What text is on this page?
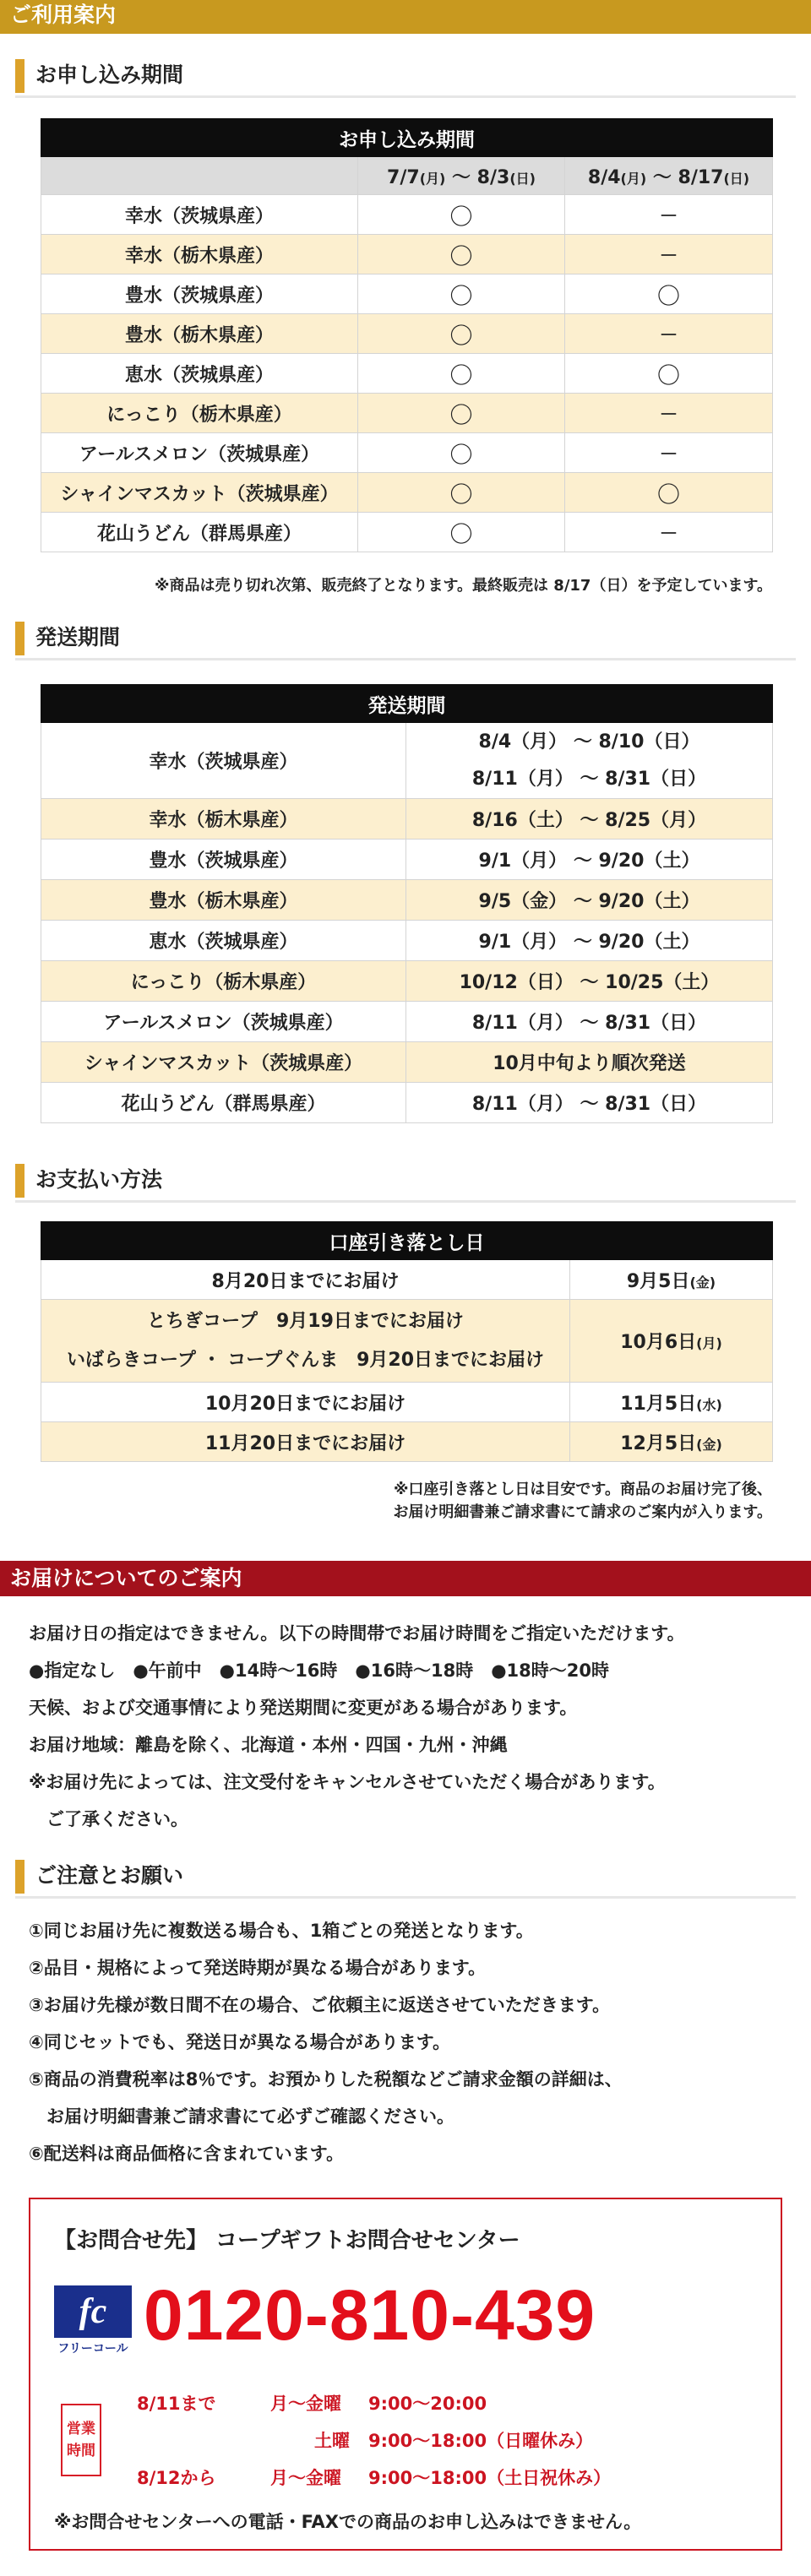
ご利用案内
お申し込み期間
お申し込み期間		
	7/7(月) ～ 8/3(日)	8/4(月) ～ 8/17(日)
幸水（茨城県産）	〇	－
幸水（栃木県産）	〇	－
豊水（茨城県産）	〇	〇
豊水（栃木県産）	〇	－
恵水（茨城県産）	〇	〇
にっこり（栃木県産）	〇	－
アールスメロン（茨城県産）	〇	－
シャインマスカット（茨城県産）	〇	〇
花山うどん（群馬県産）	〇	－
※商品は売り切れ次第、販売終了となります。最終販売は 8/17（日）を予定しています。
発送期間
発送期間	
幸水（茨城県産）	8/4（月） ～ 8/10（日）
8/11（月） ～ 8/31（日）

幸水（栃木県産）	8/16（土） ～ 8/25（月）
豊水（茨城県産）	9/1（月） ～ 9/20（土）
豊水（栃木県産）	9/5（金） ～ 9/20（土）
恵水（茨城県産）	9/1（月） ～ 9/20（土）
にっこり（栃木県産）	10/12（日） ～ 10/25（土）
アールスメロン（茨城県産）	8/11（月） ～ 8/31（日）
シャインマスカット（茨城県産）	10月中旬より順次発送
花山うどん（群馬県産）	8/11（月） ～ 8/31（日）
お支払い方法
口座引き落とし日	
8月20日までにお届け	9月5日(金)

とちぎコープ　9月19日までにお届け
いばらきコープ ・ コープぐんま　9月20日までにお届け	10月6日(月)
10月20日までにお届け	11月5日(水)
11月20日までにお届け	12月5日(金)
※口座引き落とし日は目安です。商品のお届け完了後、
お届け明細書兼ご請求書にて請求のご案内が入ります。
お届けについてのご案内

お届け日の指定はできません。以下の時間帯でお届け時間をご指定いただけます。

●指定なし　●午前中　●14時～16時　●16時～18時　●18時～20時

天候、および交通事情により発送期間に変更がある場合があります。

お届け地域：離島を除く、北海道・本州・四国・九州・沖縄

※お届け先によっては、注文受付をキャンセルさせていただく場合があります。

　ご了承ください。

ご注意とお願い

①同じお届け先に複数送る場合も、1箱ごとの発送となります。

②品目・規格によって発送時期が異なる場合があります。

③お届け先様が数日間不在の場合、ご依頼主に返送させていただきます。

④同じセットでも、発送日が異なる場合があります。

⑤商品の消費税率は8％です。お預かりした税額などご請求金額の詳細は、

　お届け明細書兼ご請求書にて必ずご確認ください。

⑥配送料は商品価格に含まれています。

【お問合せ先】 コープギフトお問合せセンター
fc
フリーコール 0120-810-439
営業
時間
8/11まで	月～金曜 9:00～20:00
土曜 9:00～18:00（日曜休み）
8/12から	月～金曜 9:00～18:00（土日祝休み）
※お問合せセンターへの電話・FAXでの商品のお申し込みはできません。
